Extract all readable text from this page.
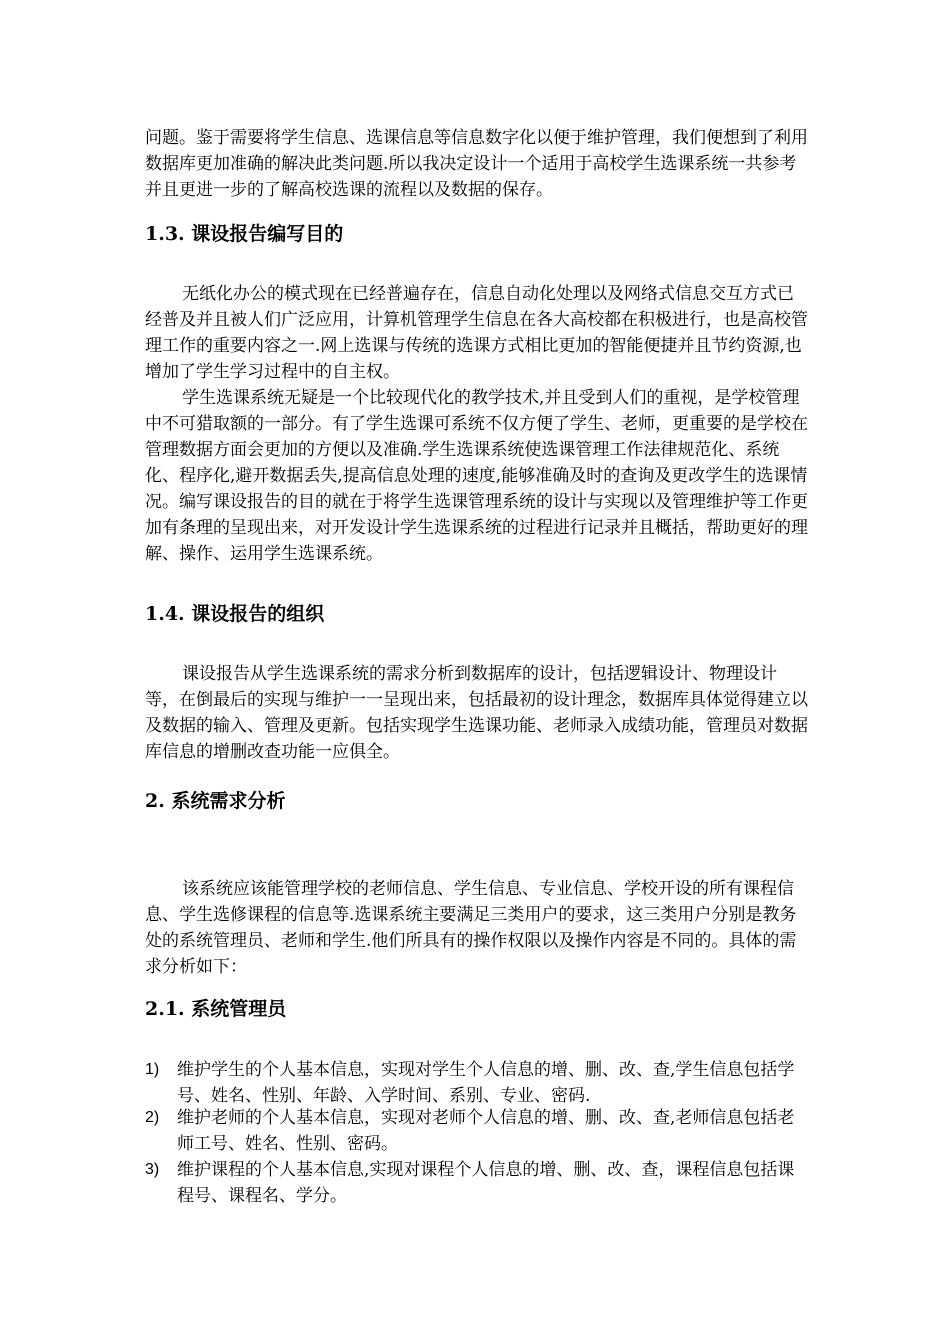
问题。鉴于需要将学生信息、选课信息等信息数字化以便于维护管理，我们便想到了利用数据库更加准确的解决此类问题.所以我决定设计一个适用于高校学生选课系统一共参考并且更进一步的了解高校选课的流程以及数据的保存。

1.3. 课设报告编写目的

无纸化办公的模式现在已经普遍存在，信息自动化处理以及网络式信息交互方式已经普及并且被人们广泛应用，计算机管理学生信息在各大高校都在积极进行，也是高校管理工作的重要内容之一.网上选课与传统的选课方式相比更加的智能便捷并且节约资源,也增加了学生学习过程中的自主权。

学生选课系统无疑是一个比较现代化的教学技术,并且受到人们的重视，是学校管理中不可猎取额的一部分。有了学生选课可系统不仅方便了学生、老师，更重要的是学校在管理数据方面会更加的方便以及准确.学生选课系统使选课管理工作法律规范化、系统化、程序化,避开数据丢失,提高信息处理的速度,能够准确及时的查询及更改学生的选课情况。编写课设报告的目的就在于将学生选课管理系统的设计与实现以及管理维护等工作更加有条理的呈现出来，对开发设计学生选课系统的过程进行记录并且概括，帮助更好的理解、操作、运用学生选课系统。

1.4. 课设报告的组织

课设报告从学生选课系统的需求分析到数据库的设计，包括逻辑设计、物理设计等，在倒最后的实现与维护一一呈现出来，包括最初的设计理念，数据库具体觉得建立以及数据的输入、管理及更新。包括实现学生选课功能、老师录入成绩功能，管理员对数据库信息的增删改查功能一应俱全。

2. 系统需求分析

该系统应该能管理学校的老师信息、学生信息、专业信息、学校开设的所有课程信息、学生选修课程的信息等.选课系统主要满足三类用户的要求，这三类用户分别是教务处的系统管理员、老师和学生.他们所具有的操作权限以及操作内容是不同的。具体的需求分析如下：

2.1. 系统管理员
1) 维护学生的个人基本信息，实现对学生个人信息的增、删、改、查,学生信息包括学号、姓名、性别、年龄、入学时间、系别、专业、密码.
2) 维护老师的个人基本信息，实现对老师个人信息的增、删、改、查,老师信息包括老师工号、姓名、性别、密码。
3) 维护课程的个人基本信息,实现对课程个人信息的增、删、改、查，课程信息包括课程号、课程名、学分。
